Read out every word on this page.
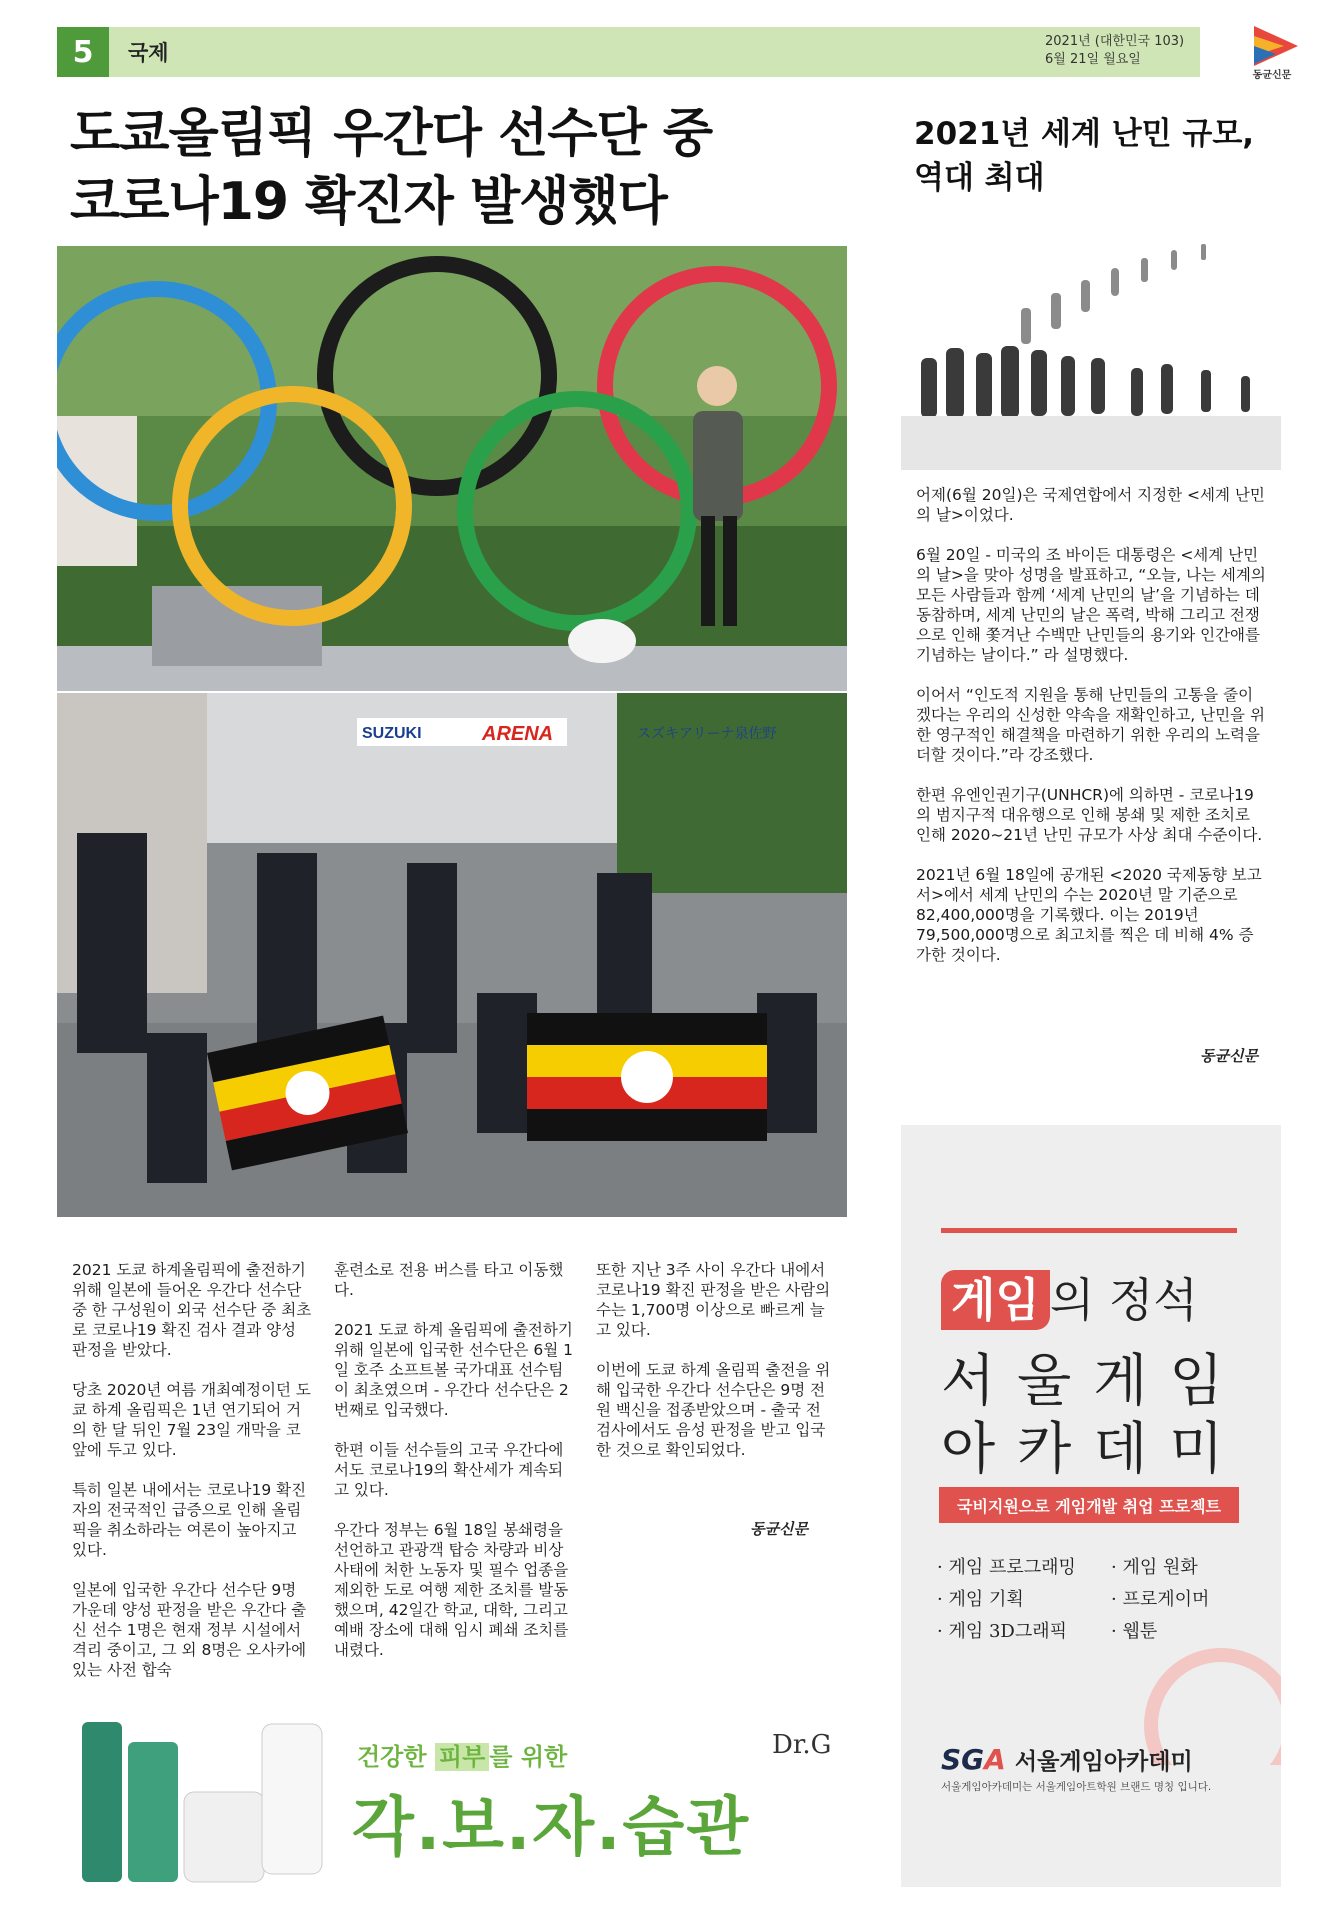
5	국제	2021년 (대한민국 103)
6월 21일 월요일
동균신문
도쿄올림픽 우간다 선수단 중
코로나19 확진자 발생했다
2021년 세계 난민 규모,
역대 최대
SUZUKI	ARENA	スズキアリーナ泉佐野

2021 도쿄 하계올림픽에 출전하기 위해 일본에 들어온 우간다 선수단 중 한 구성원이 외국 선수단 중 최초로 코로나19 확진 검사 결과 양성 판정을 받았다.

당초 2020년 여름 개최예정이던 도쿄 하계 올림픽은 1년 연기되어 거의 한 달 뒤인 7월 23일 개막을 코앞에 두고 있다.

특히 일본 내에서는 코로나19 확진자의 전국적인 급증으로 인해 올림픽을 취소하라는 여론이 높아지고 있다.

일본에 입국한 우간다 선수단 9명 가운데 양성 판정을 받은 우간다 출신 선수 1명은 현재 정부 시설에서 격리 중이고, 그 외 8명은 오사카에 있는 사전 합숙

훈련소로 전용 버스를 타고 이동했다.

2021 도쿄 하계 올림픽에 출전하기 위해 일본에 입국한 선수단은 6월 1일 호주 소프트볼 국가대표 선수팀이 최초였으며 - 우간다 선수단은 2번째로 입국했다.

한편 이들 선수들의 고국 우간다에서도 코로나19의 확산세가 계속되고 있다.

우간다 정부는 6월 18일 봉쇄령을 선언하고 관광객 탑승 차량과 비상사태에 처한 노동자 및 필수 업종을 제외한 도로 여행 제한 조치를 발동했으며, 42일간 학교, 대학, 그리고 예배 장소에 대해 임시 폐쇄 조치를 내렸다.

또한 지난 3주 사이 우간다 내에서 코로나19 확진 판정을 받은 사람의 수는 1,700명 이상으로 빠르게 늘고 있다.

이번에 도쿄 하계 올림픽 출전을 위해 입국한 우간다 선수단은 9명 전원 백신을 접종받았으며 - 출국 전 검사에서도 음성 판정을 받고 입국한 것으로 확인되었다.

동균신문

어제(6월 20일)은 국제연합에서 지정한 <세계 난민의 날>이었다.

6월 20일 - 미국의 조 바이든 대통령은 <세계 난민의 날>을 맞아 성명을 발표하고, “오늘, 나는 세계의 모든 사람들과 함께 ‘세계 난민의 날’을 기념하는 데 동참하며, 세계 난민의 날은 폭력, 박해 그리고 전쟁으로 인해 쫓겨난 수백만 난민들의 용기와 인간애를 기념하는 날이다.” 라 설명했다.

이어서 “인도적 지원을 통해 난민들의 고통을 줄이겠다는 우리의 신성한 약속을 재확인하고, 난민을 위한 영구적인 해결책을 마련하기 위한 우리의 노력을 더할 것이다.”라 강조했다.

한편 유엔인권기구(UNHCR)에 의하면 - 코로나19의 범지구적 대유행으로 인해 봉쇄 및 제한 조치로 인해 2020~21년 난민 규모가 사상 최대 수준이다.

2021년 6월 18일에 공개된 <2020 국제동향 보고서>에서 세계 난민의 수는 2020년 말 기준으로 82,400,000명을 기록했다. 이는 2019년 79,500,000명으로 최고치를 찍은 데 비해 4% 증가한 것이다.

동균신문
게임 의 정석
서울게임
아카데미
국비지원으로 게임개발 취업 프로젝트
· 게임 프로그래밍 · 게임 원화
· 게임 기획	· 프로게이머
· 게임 3D그래픽 · 웹툰
SGA 서울게임아카데미
서울게임아카데미는 서울게임아트학원 브랜드 명칭 입니다.
건강한 피부 를 위한
각.보.자.습관
Dr.G
